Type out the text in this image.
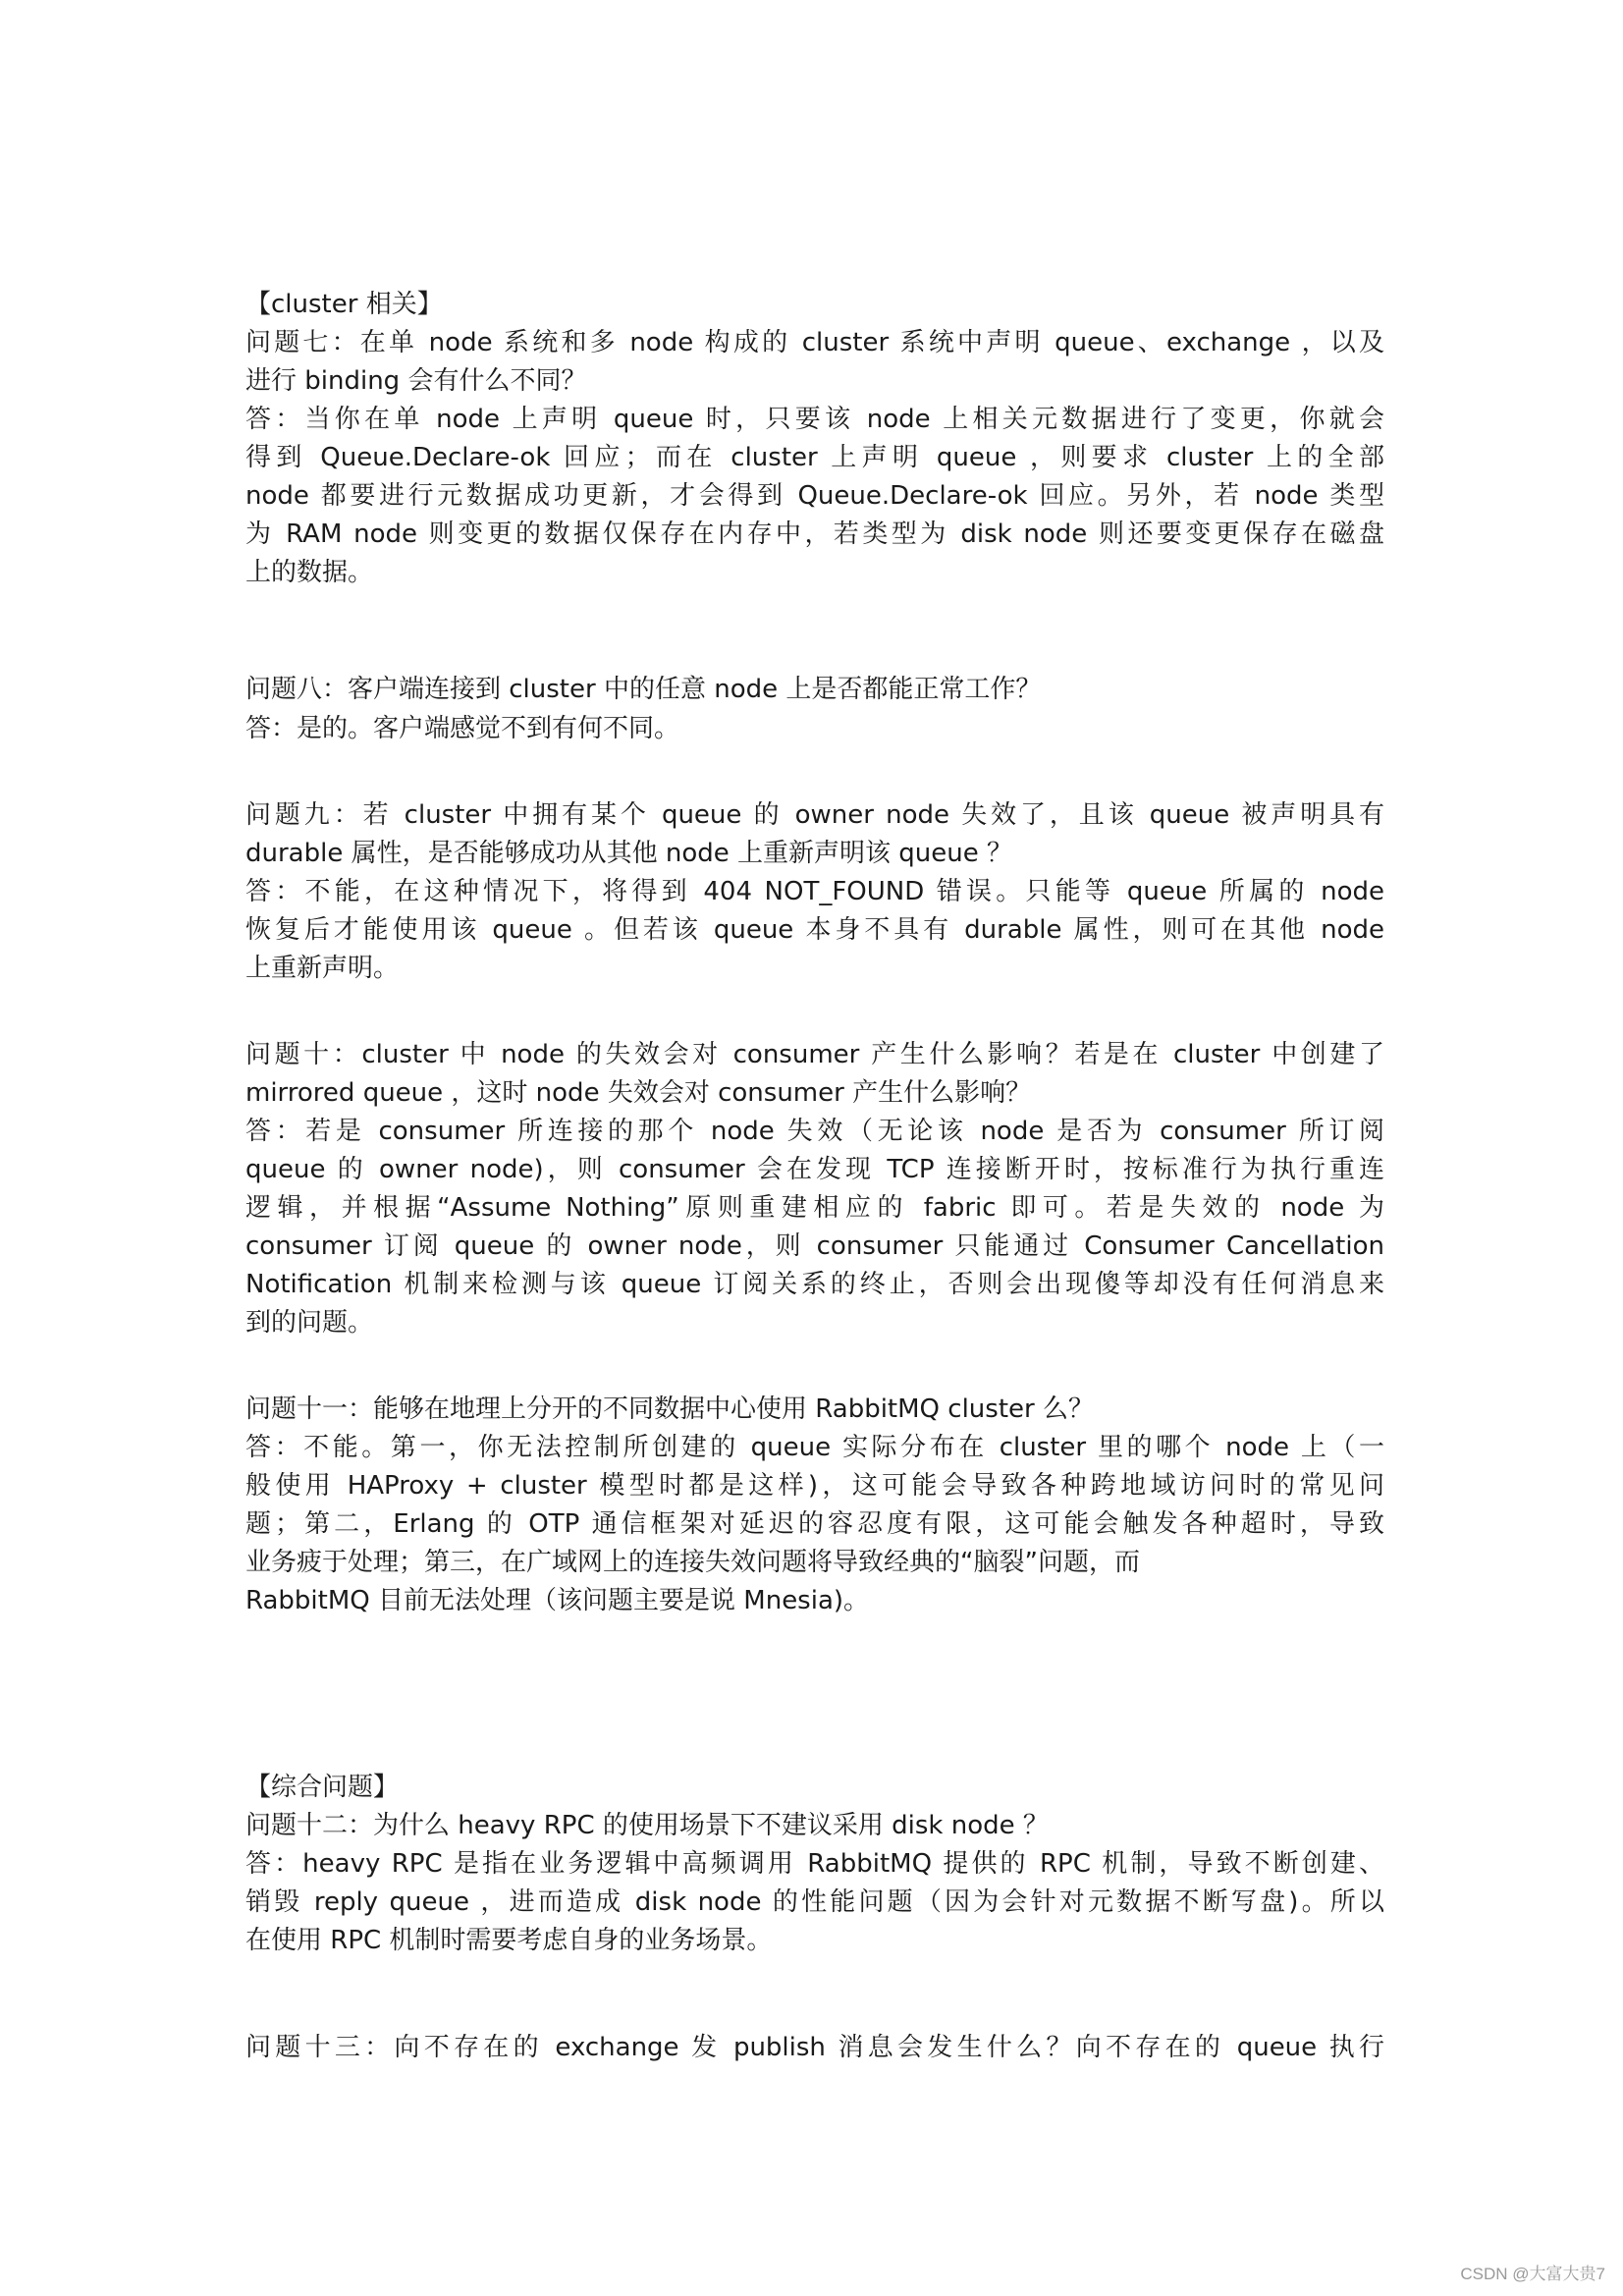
【cluster 相关】
问题七：在单 node 系统和多 node 构成的 cluster 系统中声明 queue、exchange ，以及
进行 binding 会有什么不同？
答：当你在单 node 上声明 queue 时，只要该 node 上相关元数据进行了变更，你就会
得到 Queue.Declare-ok 回应；而在 cluster 上声明 queue ，则要求 cluster 上的全部
node 都要进行元数据成功更新，才会得到 Queue.Declare-ok 回应。另外，若 node 类型
为 RAM node 则变更的数据仅保存在内存中，若类型为 disk node 则还要变更保存在磁盘
上的数据。
问题八：客户端连接到 cluster 中的任意 node 上是否都能正常工作？
答：是的。客户端感觉不到有何不同。
问题九：若 cluster 中拥有某个 queue 的 owner node 失效了，且该 queue 被声明具有
durable 属性，是否能够成功从其他 node 上重新声明该 queue ？
答：不能，在这种情况下，将得到 404 NOT_FOUND 错误。只能等 queue 所属的 node
恢复后才能使用该 queue 。但若该 queue 本身不具有 durable 属性，则可在其他 node
上重新声明。
问题十：cluster 中 node 的失效会对 consumer 产生什么影响？若是在 cluster 中创建了
mirrored queue ，这时 node 失效会对 consumer 产生什么影响？
答：若是 consumer 所连接的那个 node 失效（无论该 node 是否为 consumer 所订阅
queue 的 owner node)，则 consumer 会在发现 TCP 连接断开时，按标准行为执行重连
逻辑，并根据“Assume Nothing”原则重建相应的 fabric 即可。若是失效的 node 为
consumer 订阅 queue 的 owner node，则 consumer 只能通过 Consumer Cancellation
Notification 机制来检测与该 queue 订阅关系的终止，否则会出现傻等却没有任何消息来
到的问题。
问题十一：能够在地理上分开的不同数据中心使用 RabbitMQ cluster 么？
答：不能。第一，你无法控制所创建的 queue 实际分布在 cluster 里的哪个 node 上（一
般使用 HAProxy + cluster 模型时都是这样)，这可能会导致各种跨地域访问时的常见问
题；第二，Erlang 的 OTP 通信框架对延迟的容忍度有限，这可能会触发各种超时，导致
业务疲于处理；第三，在广域网上的连接失效问题将导致经典的“脑裂”问题，而
RabbitMQ 目前无法处理（该问题主要是说 Mnesia)。
【综合问题】
问题十二：为什么 heavy RPC 的使用场景下不建议采用 disk node ？
答：heavy RPC 是指在业务逻辑中高频调用 RabbitMQ 提供的 RPC 机制，导致不断创建、
销毁 reply queue ，进而造成 disk node 的性能问题（因为会针对元数据不断写盘)。所以
在使用 RPC 机制时需要考虑自身的业务场景。
问题十三：向不存在的 exchange 发 publish 消息会发生什么？向不存在的 queue 执行
CSDN @大富大贵7
